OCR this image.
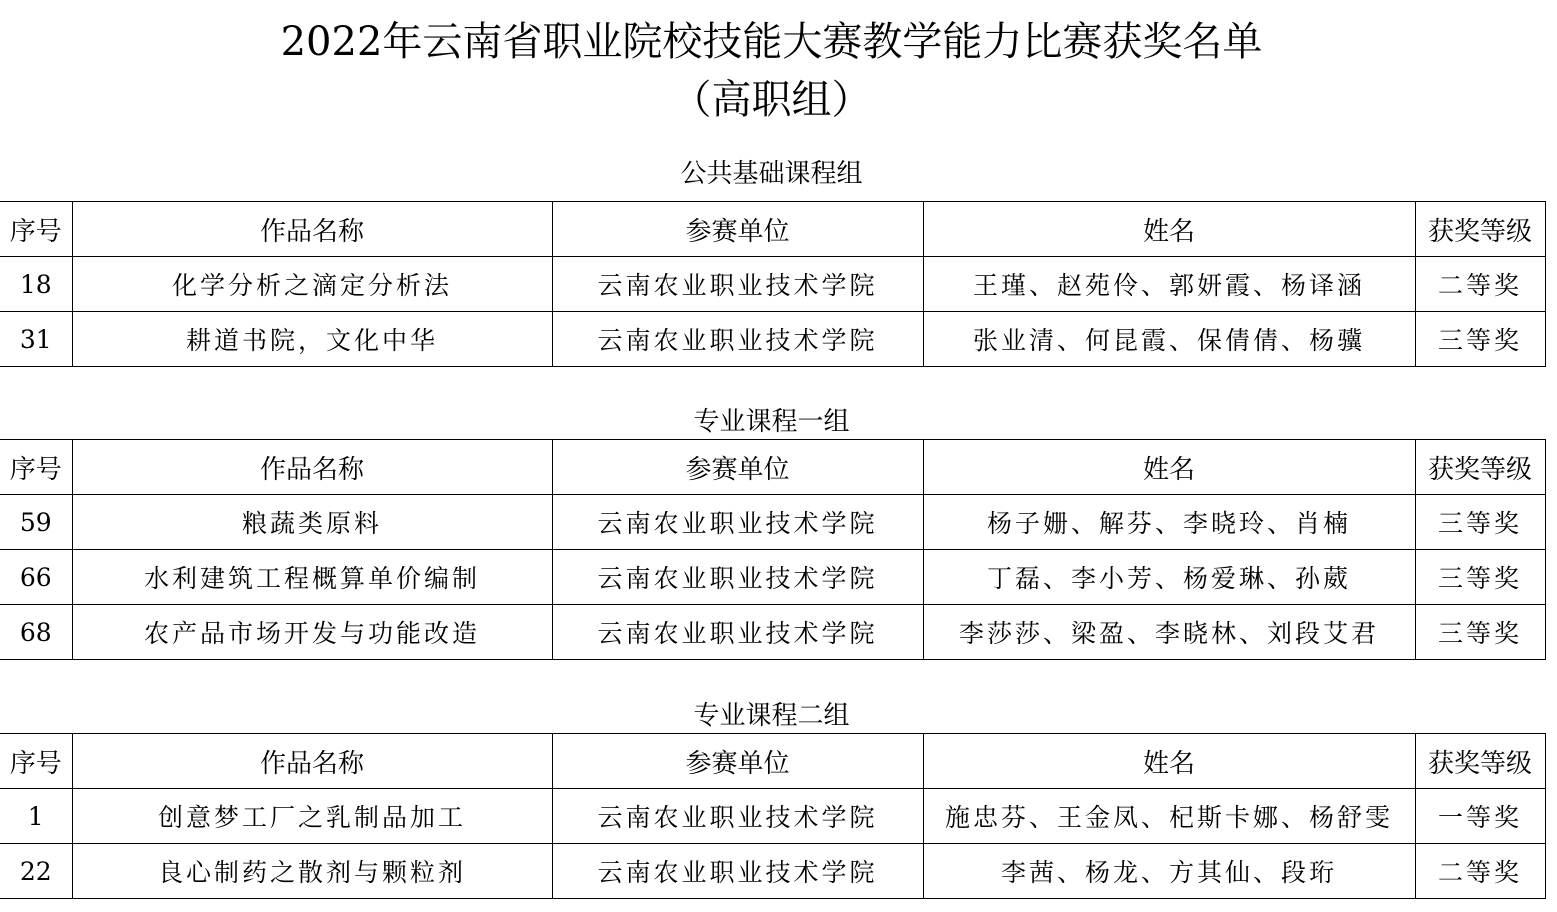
2022年云南省职业院校技能大赛教学能力比赛获奖名单
（高职组）
公共基础课程组
序号	作品名称	参赛单位	姓名	获奖等级
18	化学分析之滴定分析法	云南农业职业技术学院	王瑾、赵苑伶、郭妍霞、杨译涵	二等奖
31	耕道书院，文化中华	云南农业职业技术学院	张业清、何昆霞、保倩倩、杨骥	三等奖
专业课程一组
序号	作品名称	参赛单位	姓名	获奖等级
59	粮蔬类原料	云南农业职业技术学院	杨子姗、解芬、李晓玲、肖楠	三等奖
66	水利建筑工程概算单价编制	云南农业职业技术学院	丁磊、李小芳、杨爱琳、孙葳	三等奖
68	农产品市场开发与功能改造	云南农业职业技术学院	李莎莎、梁盈、李晓林、刘段艾君	三等奖
专业课程二组
序号	作品名称	参赛单位	姓名	获奖等级
1	创意梦工厂之乳制品加工	云南农业职业技术学院	施忠芬、王金凤、杞斯卡娜、杨舒雯	一等奖
22	良心制药之散剂与颗粒剂	云南农业职业技术学院	李茜、杨龙、方其仙、段珩	二等奖
